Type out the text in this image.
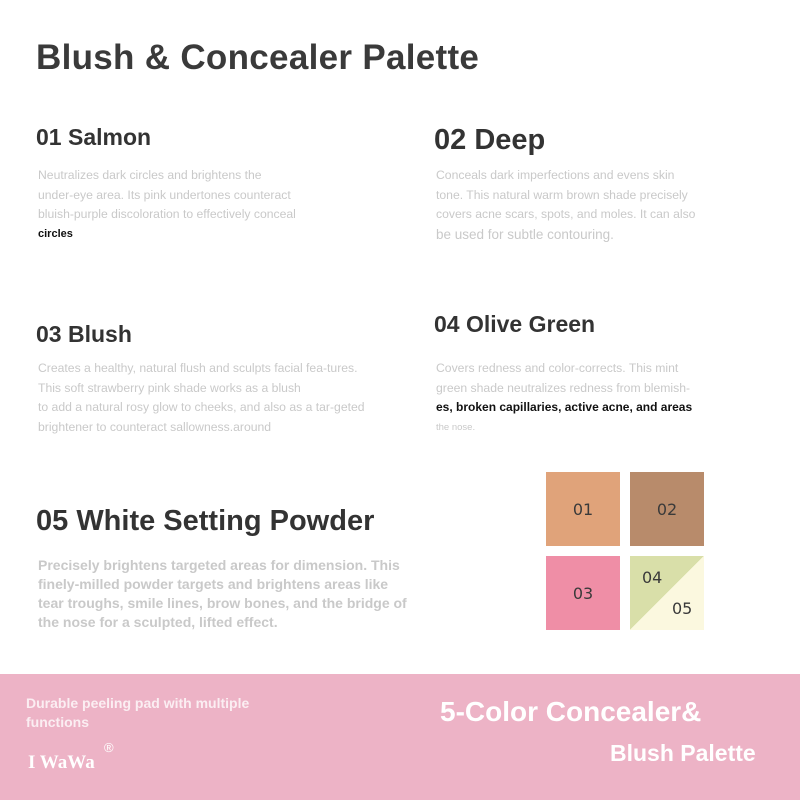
Blush & Concealer Palette
01 Salmon
Neutralizes dark circles and brightens the
under-eye area. Its pink undertones counteract
bluish-purple discoloration to effectively conceal
circles
02 Deep
Conceals dark imperfections and evens skin
tone. This natural warm brown shade precisely
covers acne scars, spots, and moles. It can also
be used for subtle contouring.
03 Blush
Creates a healthy, natural flush and sculpts facial fea-tures.
This soft strawberry pink shade works as a blush
to add a natural rosy glow to cheeks, and also as a tar-geted
brightener to counteract sallowness.around
04 Olive Green
Covers redness and color-corrects. This mint
green shade neutralizes redness from blemish-
es, broken capillaries, active acne, and areas
the nose.
05 White Setting Powder
Precisely brightens targeted areas for dimension. This
finely-milled powder targets and brightens areas like
tear troughs, smile lines, brow bones, and the bridge of
the nose for a sculpted, lifted effect.
01	02
03
04
05
Durable peeling pad with multiple functions
I WaWa
®
5-Color Concealer&
Blush Palette
